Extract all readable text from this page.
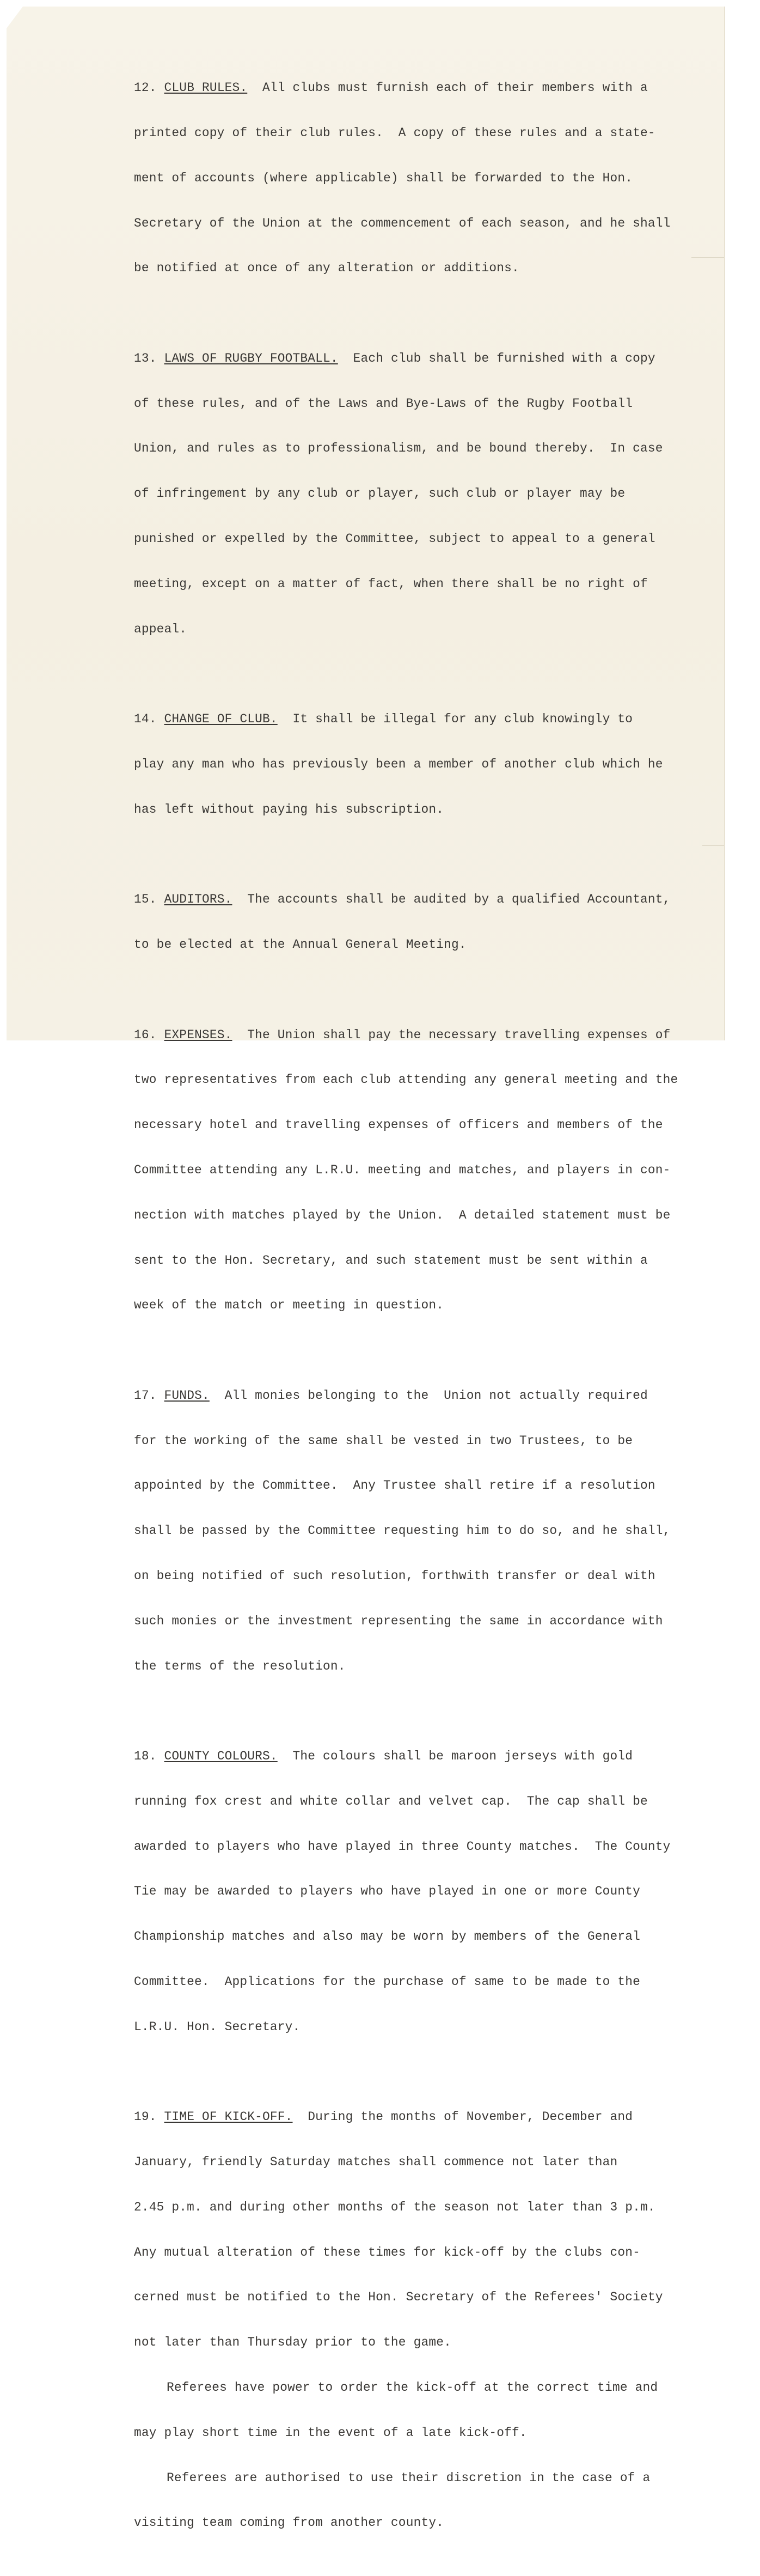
12. CLUB RULES.  All clubs must furnish each of their members with a

printed copy of their club rules.  A copy of these rules and a state-

ment of accounts (where applicable) shall be forwarded to the Hon.

Secretary of the Union at the commencement of each season, and he shall

be notified at once of any alteration or additions.

13. LAWS OF RUGBY FOOTBALL.  Each club shall be furnished with a copy

of these rules, and of the Laws and Bye-Laws of the Rugby Football

Union, and rules as to professionalism, and be bound thereby.  In case

of infringement by any club or player, such club or player may be

punished or expelled by the Committee, subject to appeal to a general

meeting, except on a matter of fact, when there shall be no right of

appeal.

14. CHANGE OF CLUB.  It shall be illegal for any club knowingly to

play any man who has previously been a member of another club which he

has left without paying his subscription.

15. AUDITORS.  The accounts shall be audited by a qualified Accountant,

to be elected at the Annual General Meeting.

16. EXPENSES.  The Union shall pay the necessary travelling expenses of

two representatives from each club attending any general meeting and the

necessary hotel and travelling expenses of officers and members of the

Committee attending any L.R.U. meeting and matches, and players in con-

nection with matches played by the Union.  A detailed statement must be

sent to the Hon. Secretary, and such statement must be sent within a

week of the match or meeting in question.

17. FUNDS.  All monies belonging to the  Union not actually required

for the working of the same shall be vested in two Trustees, to be

appointed by the Committee.  Any Trustee shall retire if a resolution

shall be passed by the Committee requesting him to do so, and he shall,

on being notified of such resolution, forthwith transfer or deal with

such monies or the investment representing the same in accordance with

the terms of the resolution.

18. COUNTY COLOURS.  The colours shall be maroon jerseys with gold

running fox crest and white collar and velvet cap.  The cap shall be

awarded to players who have played in three County matches.  The County

Tie may be awarded to players who have played in one or more County

Championship matches and also may be worn by members of the General

Committee.  Applications for the purchase of same to be made to the

L.R.U. Hon. Secretary.

19. TIME OF KICK-OFF.  During the months of November, December and

January, friendly Saturday matches shall commence not later than

2.45 p.m. and during other months of the season not later than 3 p.m.

Any mutual alteration of these times for kick-off by the clubs con-

cerned must be notified to the Hon. Secretary of the Referees' Society

not later than Thursday prior to the game.

Referees have power to order the kick-off at the correct time and

may play short time in the event of a late kick-off.

Referees are authorised to use their discretion in the case of a

visiting team coming from another county.
